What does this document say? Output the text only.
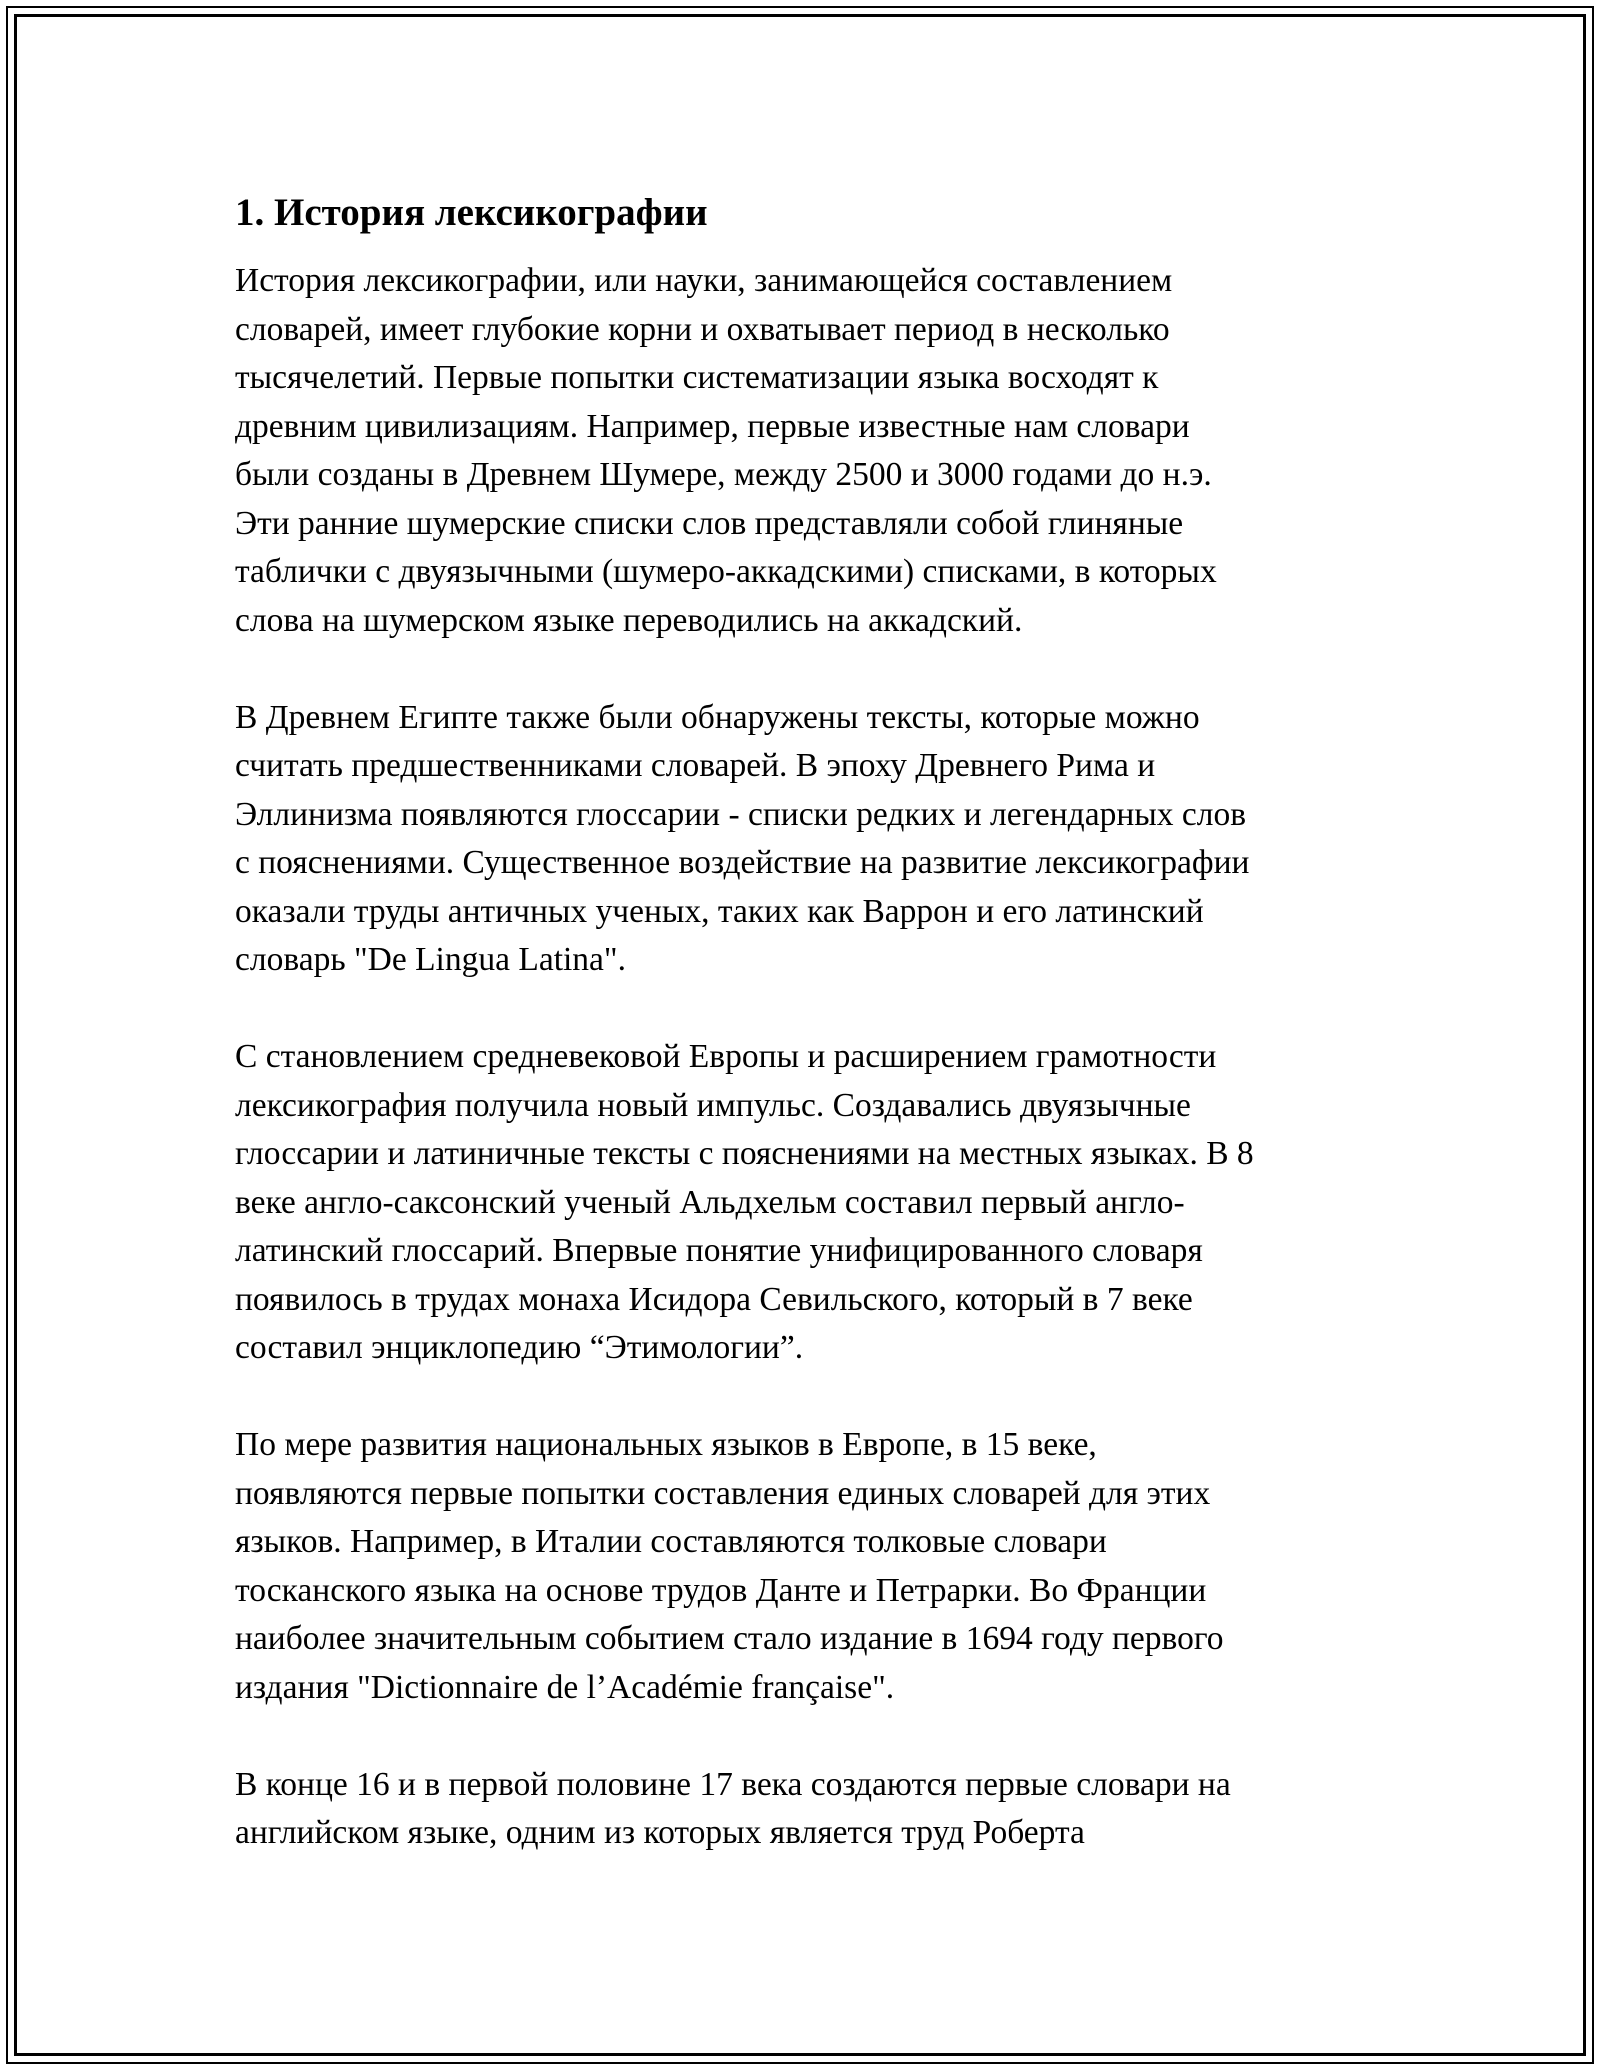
1. История лексикографии

История лексикографии, или науки, занимающейся составлением
словарей, имеет глубокие корни и охватывает период в несколько
тысячелетий. Первые попытки систематизации языка восходят к
древним цивилизациям. Например, первые известные нам словари
были созданы в Древнем Шумере, между 2500 и 3000 годами до н.э.
Эти ранние шумерские списки слов представляли собой глиняные
таблички с двуязычными (шумеро-аккадскими) списками, в которых
слова на шумерском языке переводились на аккадский.

В Древнем Египте также были обнаружены тексты, которые можно
считать предшественниками словарей. В эпоху Древнего Рима и
Эллинизма появляются глоссарии - списки редких и легендарных слов
с пояснениями. Существенное воздействие на развитие лексикографии
оказали труды античных ученых, таких как Варрон и его латинский
словарь "De Lingua Latina".

С становлением средневековой Европы и расширением грамотности
лексикография получила новый импульс. Создавались двуязычные
глоссарии и латиничные тексты с пояснениями на местных языках. В 8
веке англо-саксонский ученый Альдхельм составил первый англо-
латинский глоссарий. Впервые понятие унифицированного словаря
появилось в трудах монаха Исидора Севильского, который в 7 веке
составил энциклопедию “Этимологии”.

По мере развития национальных языков в Европе, в 15 веке,
появляются первые попытки составления единых словарей для этих
языков. Например, в Италии составляются толковые словари
тосканского языка на основе трудов Данте и Петрарки. Во Франции
наиболее значительным событием стало издание в 1694 году первого
издания "Dictionnaire de l’Académie française".

В конце 16 и в первой половине 17 века создаются первые словари на
английском языке, одним из которых является труд Роберта
